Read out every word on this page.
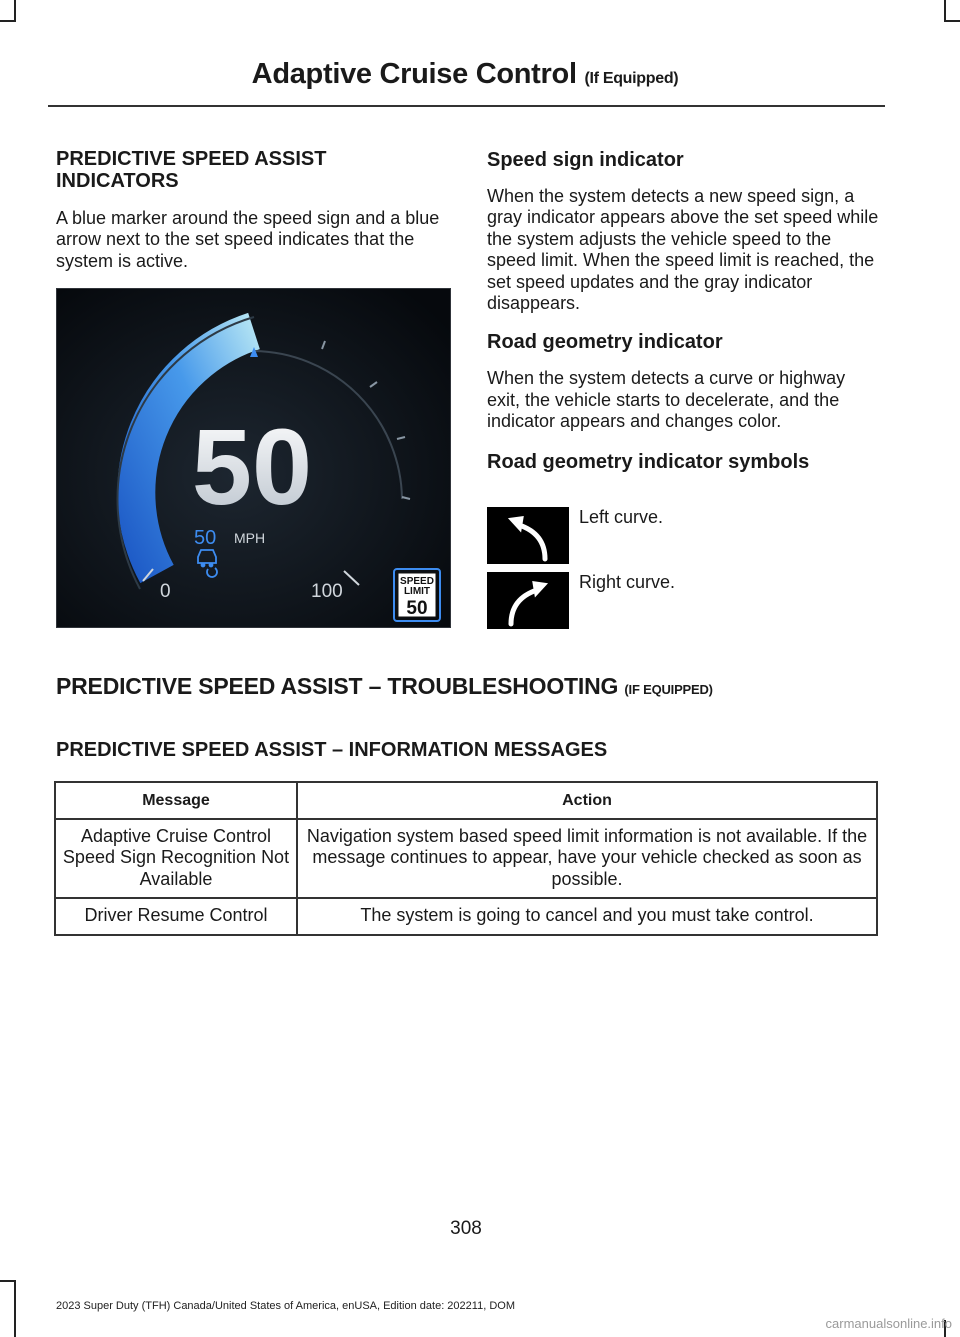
Adaptive Cruise Control (If Equipped)
PREDICTIVE SPEED ASSIST INDICATORS

A blue marker around the speed sign and a blue arrow next to the set speed indicates that the system is active.

50
50 MPH
0	100	SPEED
LIMIT
50
Speed sign indicator

When the system detects a new speed sign, a gray indicator appears above the set speed while the system adjusts the vehicle speed to the speed limit. When the speed limit is reached, the set speed updates and the gray indicator disappears.

Road geometry indicator

When the system detects a curve or highway exit, the vehicle starts to decelerate, and the indicator appears and changes color.

Road geometry indicator symbols
Left curve.
Right curve.
PREDICTIVE SPEED ASSIST – TROUBLESHOOTING (IF EQUIPPED)
PREDICTIVE SPEED ASSIST – INFORMATION MESSAGES
Message	Action
Adaptive Cruise Control Speed Sign Recognition Not Available	Navigation system based speed limit information is not available. If the message continues to appear, have your vehicle checked as soon as possible.
Driver Resume Control	The system is going to cancel and you must take control.
308
2023 Super Duty (TFH) Canada/United States of America, enUSA, Edition date: 202211, DOM
carmanualsonline.info
